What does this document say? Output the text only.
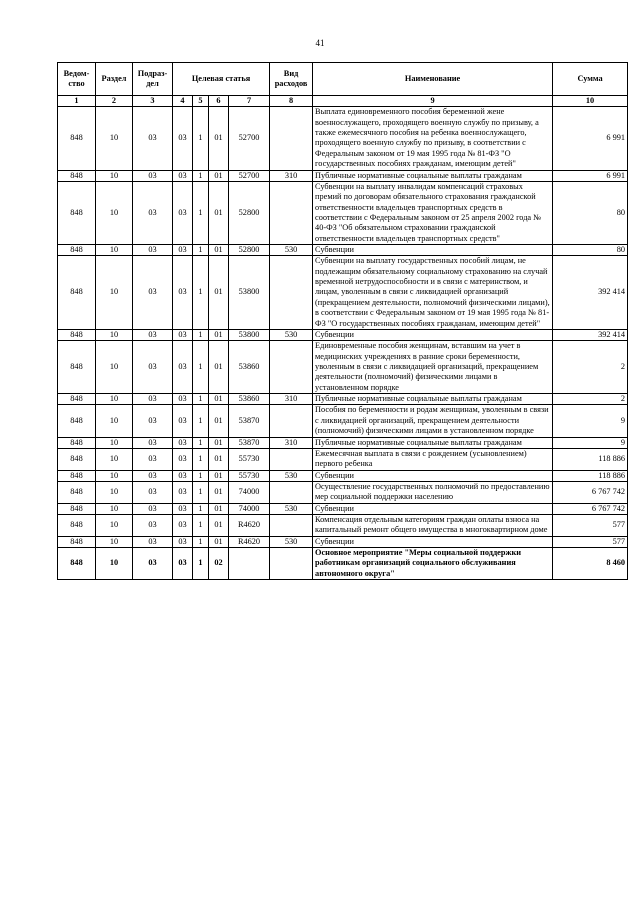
41
Ведом-ство	Раздел	Подраз-дел	Целевая статья				Вид расходов	Наименование	Сумма
1	2	3	4	5	6	7	8	9	10
848	10	03	03	1	01	52700		Выплата единовременного пособия беременной жене военнослужащего, проходящего военную службу по призыву, а также ежемесячного пособия на ребенка военнослужащего, проходящего военную службу по призыву, в соответствии с Федеральным законом от 19 мая 1995 года № 81-ФЗ "О государственных пособиях гражданам, имеющим детей"	6 991
848	10	03	03	1	01	52700	310	Публичные нормативные социальные выплаты гражданам	6 991
848	10	03	03	1	01	52800		Субвенции на выплату инвалидам компенсаций страховых премий по договорам обязательного страхования гражданской ответственности владельцев транспортных средств в соответствии с Федеральным законом от 25 апреля 2002 года № 40-ФЗ "Об обязательном страховании гражданской ответственности владельцев транспортных средств"	80
848	10	03	03	1	01	52800	530	Субвенции	80
848	10	03	03	1	01	53800		Субвенции на выплату государственных пособий лицам, не подлежащим обязательному социальному страхованию на случай временной нетрудоспособности и в связи с материнством, и лицам, уволенным в связи с ликвидацией организаций (прекращением деятельности, полномочий физическими лицами), в соответствии с Федеральным законом от 19 мая 1995 года № 81-ФЗ "О государственных пособиях гражданам, имеющим детей"	392 414
848	10	03	03	1	01	53800	530	Субвенции	392 414
848	10	03	03	1	01	53860		Единовременные пособия женщинам, вставшим на учет в медицинских учреждениях в ранние сроки беременности, уволенным в связи с ликвидацией организаций, прекращением деятельности (полномочий) физическими лицами в установленном порядке	2
848	10	03	03	1	01	53860	310	Публичные нормативные социальные выплаты гражданам	2
848	10	03	03	1	01	53870		Пособия по беременности и родам женщинам, уволенным в связи с ликвидацией организаций, прекращением деятельности (полномочий) физическими лицами в установленном порядке	9
848	10	03	03	1	01	53870	310	Публичные нормативные социальные выплаты гражданам	9
848	10	03	03	1	01	55730		Ежемесячная выплата в связи с рождением (усыновлением) первого ребенка	118 886
848	10	03	03	1	01	55730	530	Субвенции	118 886
848	10	03	03	1	01	74000		Осуществление государственных полномочий по предоставлению мер социальной поддержки населению	6 767 742
848	10	03	03	1	01	74000	530	Субвенции	6 767 742
848	10	03	03	1	01	R4620		Компенсация отдельным категориям граждан оплаты взноса на капитальный ремонт общего имущества в многоквартирном доме	577
848	10	03	03	1	01	R4620	530	Субвенции	577
848	10	03	03	1	02			Основное мероприятие "Меры социальной поддержки работникам организаций социального обслуживания автономного округа"	8 460
